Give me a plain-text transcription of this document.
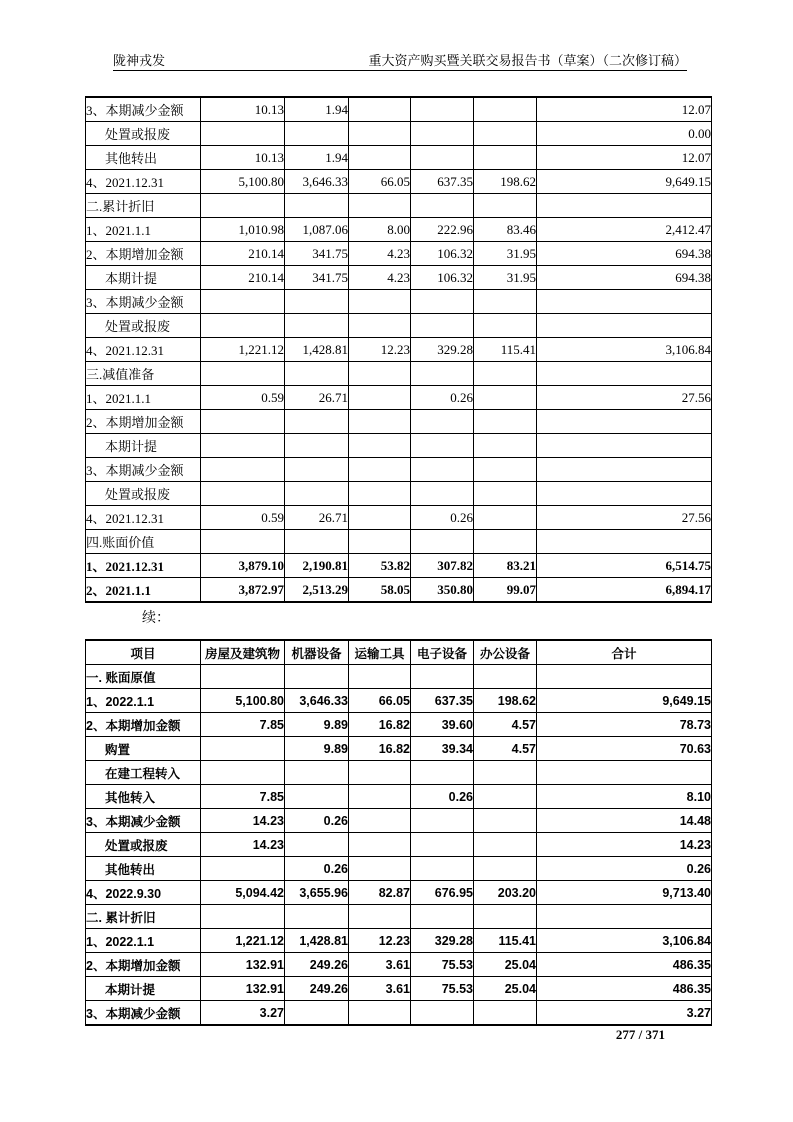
陇神戎发	重大资产购买暨关联交易报告书（草案）（二次修订稿）
3、本期减少金额	10.13	1.94				12.07
处置或报废						0.00
其他转出	10.13	1.94				12.07
4、2021.12.31	5,100.80	3,646.33	66.05	637.35	198.62	9,649.15
二.累计折旧						
1、2021.1.1	1,010.98	1,087.06	8.00	222.96	83.46	2,412.47
2、本期增加金额	210.14	341.75	4.23	106.32	31.95	694.38
本期计提	210.14	341.75	4.23	106.32	31.95	694.38
3、本期减少金额						
处置或报废						
4、2021.12.31	1,221.12	1,428.81	12.23	329.28	115.41	3,106.84
三.减值准备						
1、2021.1.1	0.59	26.71		0.26		27.56
2、本期增加金额						
本期计提						
3、本期减少金额						
处置或报废						
4、2021.12.31	0.59	26.71		0.26		27.56
四.账面价值						
1、2021.12.31	3,879.10	2,190.81	53.82	307.82	83.21	6,514.75
2、2021.1.1	3,872.97	2,513.29	58.05	350.80	99.07	6,894.17
续：
项目	房屋及建筑物	机器设备	运输工具	电子设备	办公设备	合计
一. 账面原值						
1、2022.1.1	5,100.80	3,646.33	66.05	637.35	198.62	9,649.15
2、本期增加金额	7.85	9.89	16.82	39.60	4.57	78.73
购置		9.89	16.82	39.34	4.57	70.63
在建工程转入						
其他转入	7.85			0.26		8.10
3、本期减少金额	14.23	0.26				14.48
处置或报废	14.23					14.23
其他转出		0.26				0.26
4、2022.9.30	5,094.42	3,655.96	82.87	676.95	203.20	9,713.40
二. 累计折旧						
1、2022.1.1	1,221.12	1,428.81	12.23	329.28	115.41	3,106.84
2、本期增加金额	132.91	249.26	3.61	75.53	25.04	486.35
本期计提	132.91	249.26	3.61	75.53	25.04	486.35
3、本期减少金额	3.27					3.27
277 / 371
